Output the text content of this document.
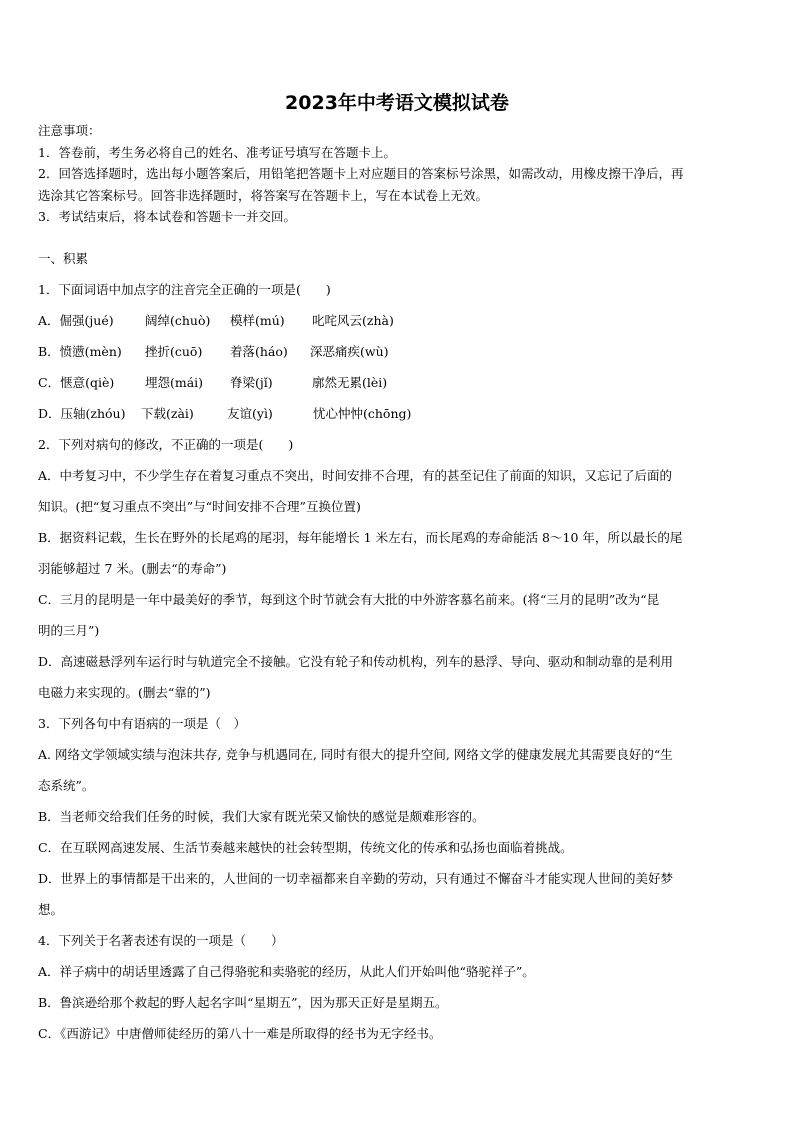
2023年中考语文模拟试卷
注意事项：
1．答卷前，考生务必将自己的姓名、准考证号填写在答题卡上。
2．回答选择题时，选出每小题答案后，用铅笔把答题卡上对应题目的答案标号涂黑，如需改动，用橡皮擦干净后，再
选涂其它答案标号。回答非选择题时，将答案写在答题卡上，写在本试卷上无效。
3．考试结束后，将本试卷和答题卡一并交回。
一、积累
1．下面词语中加点字的注音完全正确的一项是(　　)
A．倔强(jué)	阔绰(chuò)	模样(mú)	叱咤风云(zhà)
B．愤懑(mèn)	挫折(cuō)	着落(háo)	深恶痛疾(wù)
C．惬意(qiè)	埋怨(mái)	脊梁(jǐ)	廓然无累(lèi)
D．压轴(zhóu)	下载(zài)	友谊(yì)	忧心忡忡(chōng)
2．下列对病句的修改，不正确的一项是(　　)
A．中考复习中，不少学生存在着复习重点不突出，时间安排不合理，有的甚至记住了前面的知识，又忘记了后面的
知识。(把“复习重点不突出”与“时间安排不合理”互换位置)
B．据资料记载，生长在野外的长尾鸡的尾羽，每年能增长 1 米左右，而长尾鸡的寿命能活 8～10 年，所以最长的尾
羽能够超过 7 米。(删去“的寿命”)
C．三月的昆明是一年中最美好的季节，每到这个时节就会有大批的中外游客慕名前来。(将“三月的昆明”改为“昆
明的三月”)
D．高速磁悬浮列车运行时与轨道完全不接触。它没有轮子和传动机构，列车的悬浮、导向、驱动和制动靠的是利用
电磁力来实现的。(删去“靠的”)
3．下列各句中有语病的一项是（　）
A. 网络文学领域实绩与泡沫共存, 竞争与机遇同在, 同时有很大的提升空间, 网络文学的健康发展尤其需要良好的“生
态系统”。
B．当老师交给我们任务的时候，我们大家有既光荣又愉快的感觉是颇难形容的。
C．在互联网高速发展、生活节奏越来越快的社会转型期，传统文化的传承和弘扬也面临着挑战。
D．世界上的事情都是干出来的，人世间的一切幸福都来自辛勤的劳动，只有通过不懈奋斗才能实现人世间的美好梦
想。
4．下列关于名著表述有误的一项是（　　）
A．祥子病中的胡话里透露了自己得骆驼和卖骆驼的经历，从此人们开始叫他“骆驼祥子”。
B．鲁滨逊给那个救起的野人起名字叫“星期五”，因为那天正好是星期五。
C．《西游记》中唐僧师徒经历的第八十一难是所取得的经书为无字经书。
